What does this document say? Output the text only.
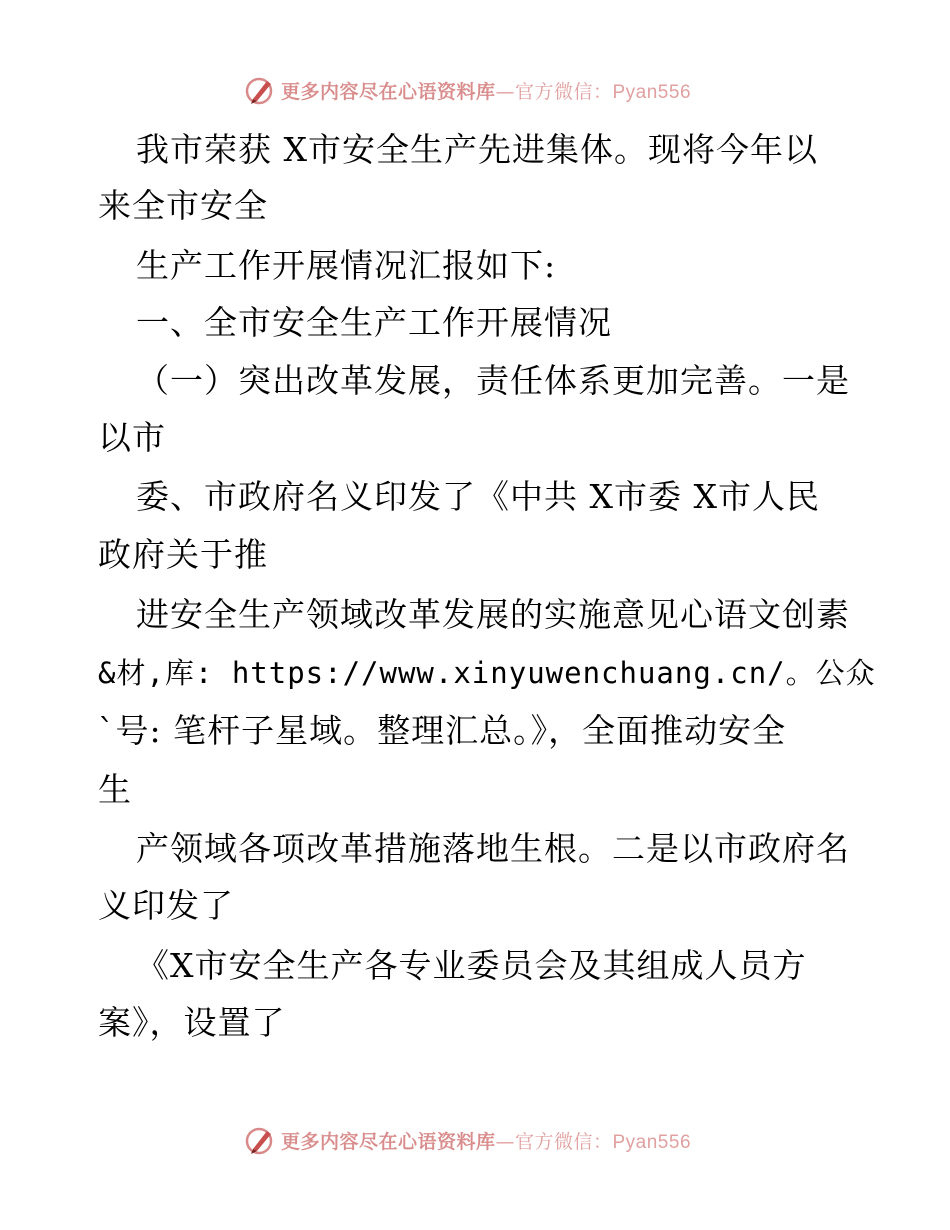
更多内容尽在心语资料库—官方微信：Pyan556
我市荣获 X市安全生产先进集体。现将今年以
来全市安全
生产工作开展情况汇报如下:
一、全市安全生产工作开展情况
（一）突出改革发展，责任体系更加完善。一是
以市
委、市政府名义印发了《中共 X市委 X市人民
政府关于推
进安全生产领域改革发展的实施意见心语文创素
&材,库: https://www.xinyuwenchuang.cn/。公众
`号: 笔杆子星域。整理汇总。》，全面推动安全
生
产领域各项改革措施落地生根。二是以市政府名
义印发了
《X市安全生产各专业委员会及其组成人员方
案》，设置了
更多内容尽在心语资料库—官方微信：Pyan556
